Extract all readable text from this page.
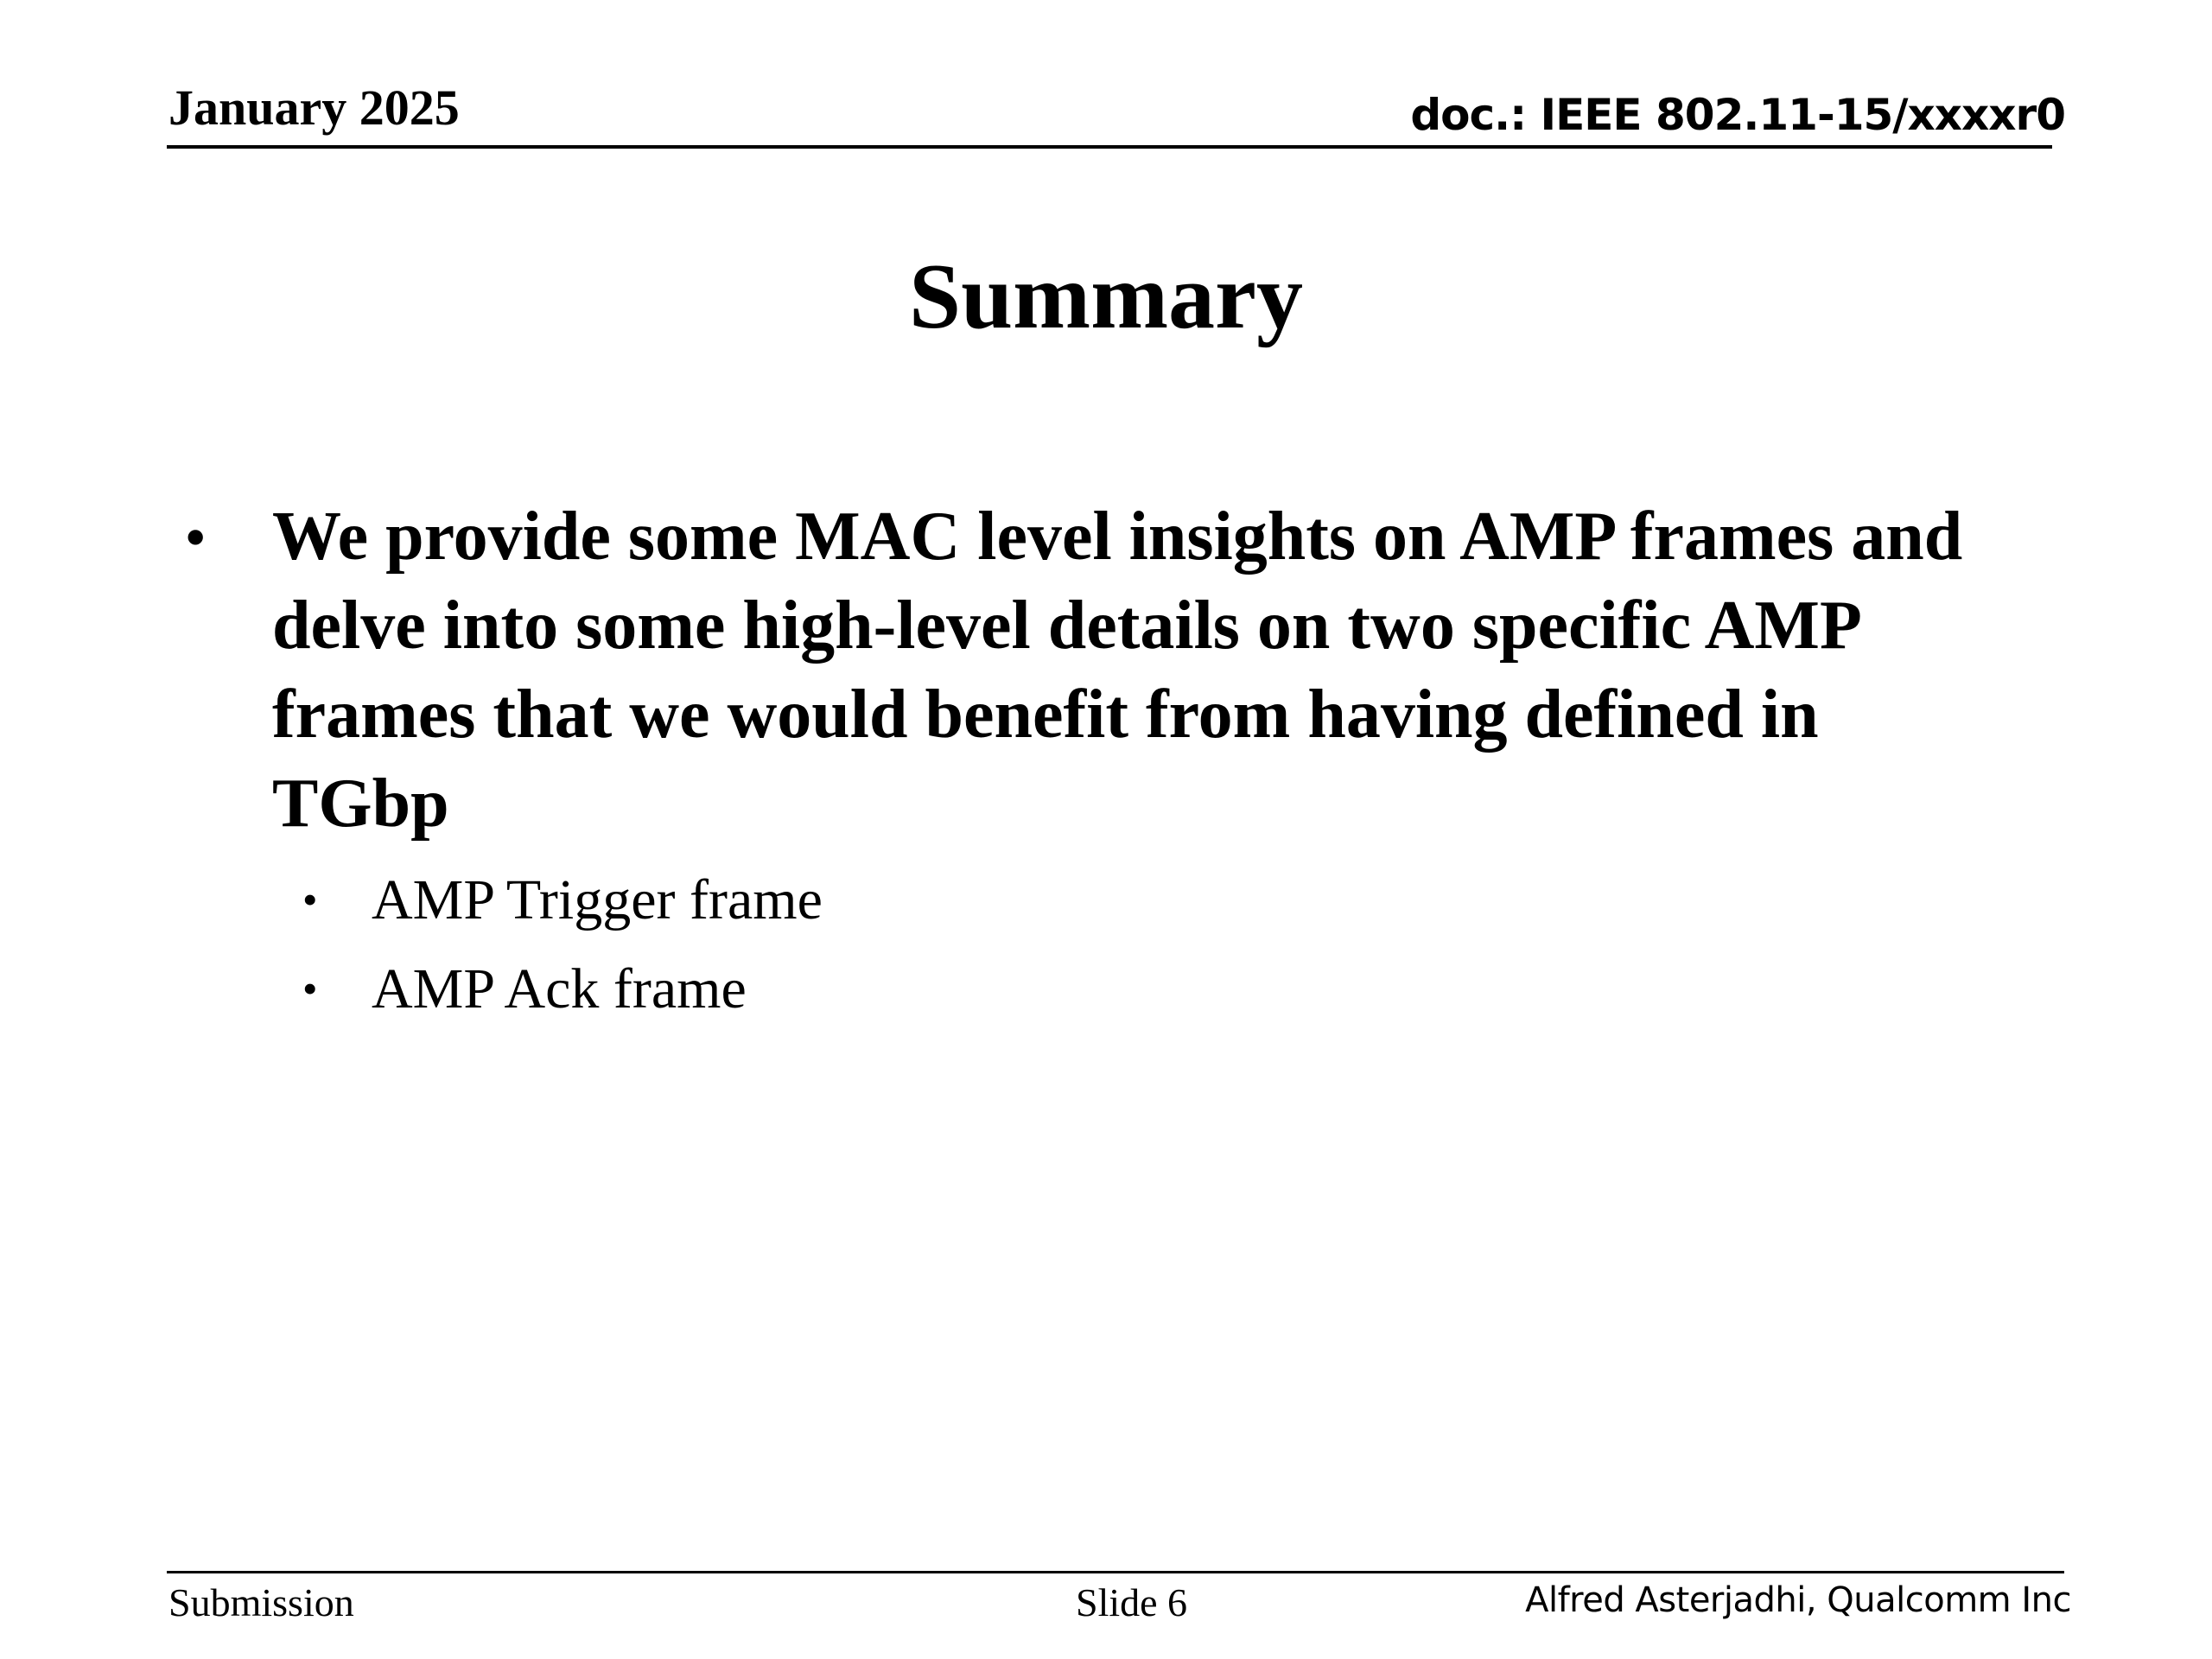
January 2025	doc.: IEEE 802.11-15/xxxxr0
Summary
• We provide some MAC level insights on AMP frames and delve into some high-level details on two specific AMP  frames that we would benefit from having defined in TGbp
• AMP Trigger frame
• AMP Ack frame
Submission	Slide 6	Alfred Asterjadhi, Qualcomm Inc
